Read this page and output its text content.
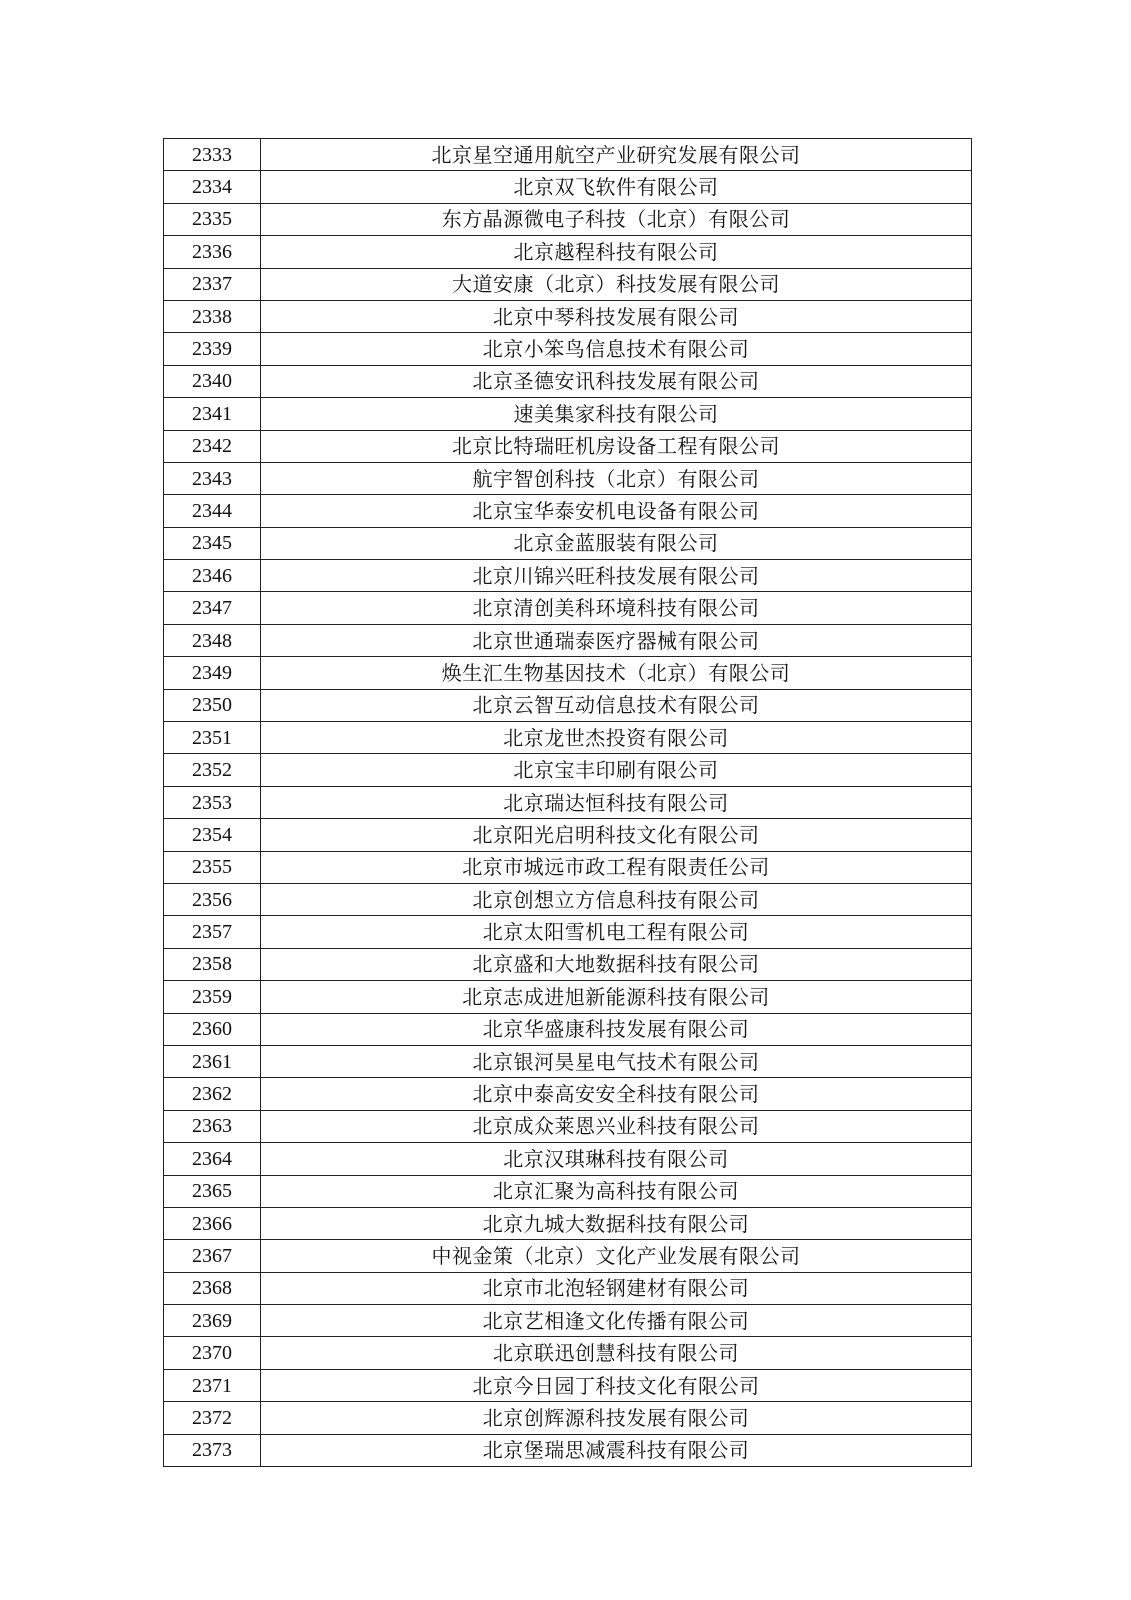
2333	北京星空通用航空产业研究发展有限公司
2334	北京双飞软件有限公司
2335	东方晶源微电子科技（北京）有限公司
2336	北京越程科技有限公司
2337	大道安康（北京）科技发展有限公司
2338	北京中琴科技发展有限公司
2339	北京小笨鸟信息技术有限公司
2340	北京圣德安讯科技发展有限公司
2341	速美集家科技有限公司
2342	北京比特瑞旺机房设备工程有限公司
2343	航宇智创科技（北京）有限公司
2344	北京宝华泰安机电设备有限公司
2345	北京金蓝服装有限公司
2346	北京川锦兴旺科技发展有限公司
2347	北京清创美科环境科技有限公司
2348	北京世通瑞泰医疗器械有限公司
2349	焕生汇生物基因技术（北京）有限公司
2350	北京云智互动信息技术有限公司
2351	北京龙世杰投资有限公司
2352	北京宝丰印刷有限公司
2353	北京瑞达恒科技有限公司
2354	北京阳光启明科技文化有限公司
2355	北京市城远市政工程有限责任公司
2356	北京创想立方信息科技有限公司
2357	北京太阳雪机电工程有限公司
2358	北京盛和大地数据科技有限公司
2359	北京志成进旭新能源科技有限公司
2360	北京华盛康科技发展有限公司
2361	北京银河昊星电气技术有限公司
2362	北京中泰高安安全科技有限公司
2363	北京成众莱恩兴业科技有限公司
2364	北京汉琪琳科技有限公司
2365	北京汇聚为高科技有限公司
2366	北京九城大数据科技有限公司
2367	中视金策（北京）文化产业发展有限公司
2368	北京市北泡轻钢建材有限公司
2369	北京艺相逢文化传播有限公司
2370	北京联迅创慧科技有限公司
2371	北京今日园丁科技文化有限公司
2372	北京创辉源科技发展有限公司
2373	北京堡瑞思减震科技有限公司
